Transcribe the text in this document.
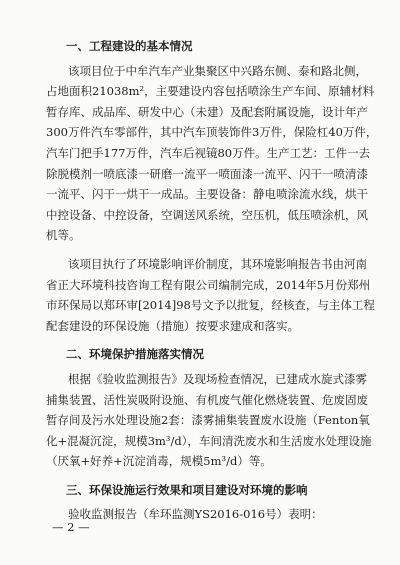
一、工程建设的基本情况

该项目位于中牟汽车产业集聚区中兴路东侧、泰和路北侧，
占地面积21038m²，主要建设内容包括喷涂生产车间、原辅材料
暂存库、成品库、研发中心（未建）及配套附属设施，设计年产
300万件汽车零部件，其中汽车顶装饰件3万件，保险杠40万件，
汽车门把手177万件，汽车后视镜80万件。生产工艺：工件一去
除脱模剂一喷底漆一研磨一流平一喷面漆一流平、闪干一喷清漆
一流平、闪干一烘干一成品。主要设备：静电喷涂流水线，烘干
中控设备、中控设备，空调送风系统，空压机，低压喷涂机，风
机等。

该项目执行了环境影响评价制度，其环境影响报告书由河南
省正大环境科技咨询工程有限公司编制完成，2014年5月份郑州
市环保局以郑环审[2014]98号文予以批复，经核查，与主体工程
配套建设的环保设施（措施）按要求建成和落实。

二、环境保护措施落实情况

根据《验收监测报告》及现场检查情况，已建成水旋式漆雾
捕集装置、活性炭吸附设施、有机废气催化燃烧装置、危废固废
暂存间及污水处理设施2套：漆雾捕集装置废水设施（Fenton氧
化+混凝沉淀，规模3m³/d），车间清洗废水和生活废水处理设施
（厌氧+好养+沉淀消毒，规模5m³/d）等。

三、环保设施运行效果和项目建设对环境的影响

验收监测报告（牟环监测YS2016-016号）表明：

— 2 —
